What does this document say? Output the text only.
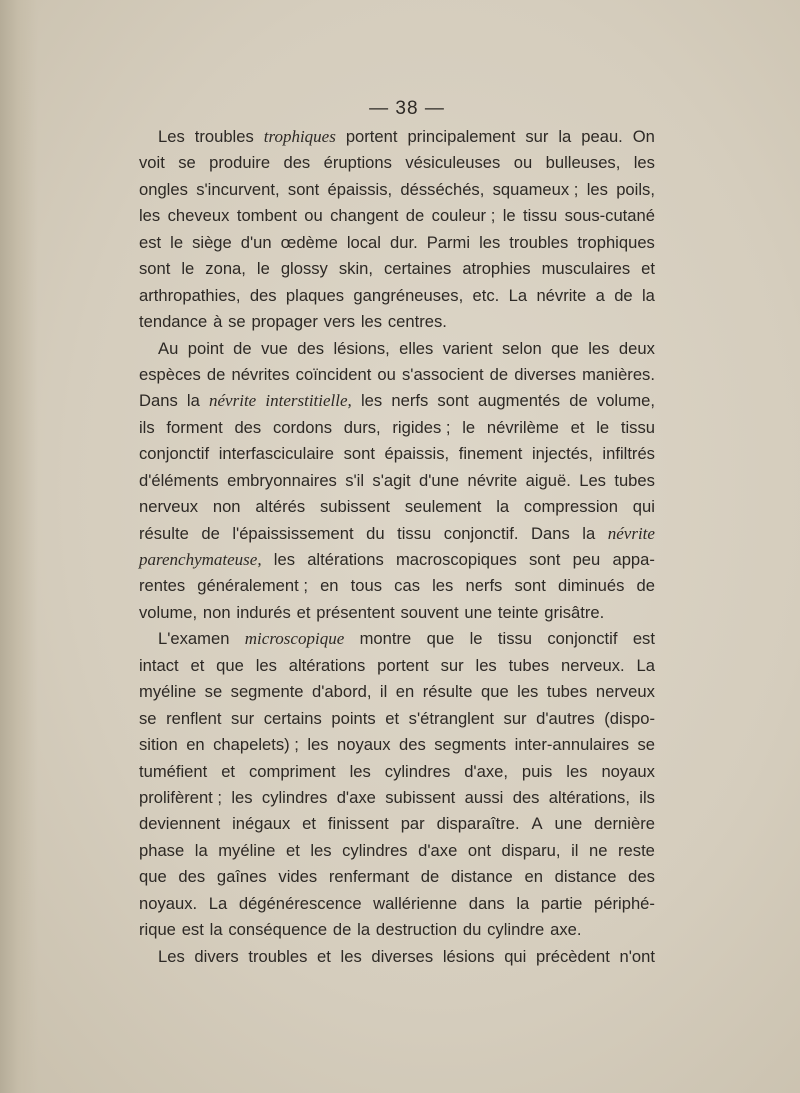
— 38 —
Les troubles trophiques portent principalement sur la peau. On
voit se produire des éruptions vésiculeuses ou bulleuses, les
ongles s'incurvent, sont épaissis, désséchés, squameux ; les poils,
les cheveux tombent ou changent de couleur ; le tissu sous-cutané
est le siège d'un œdème local dur. Parmi les troubles trophiques
sont le zona, le glossy skin, certaines atrophies musculaires et
arthropathies, des plaques gangréneuses, etc. La névrite a de la
tendance à se propager vers les centres.
Au point de vue des lésions, elles varient selon que les deux
espèces de névrites coïncident ou s'associent de diverses manières.
Dans la névrite interstitielle, les nerfs sont augmentés de volume,
ils forment des cordons durs, rigides ; le névrilème et le tissu
conjonctif interfasciculaire sont épaissis, finement injectés, infiltrés
d'éléments embryonnaires s'il s'agit d'une névrite aiguë. Les tubes
nerveux non altérés subissent seulement la compression qui
résulte de l'épaississement du tissu conjonctif. Dans la névrite
parenchymateuse, les altérations macroscopiques sont peu appa-
rentes généralement ; en tous cas les nerfs sont diminués de
volume, non indurés et présentent souvent une teinte grisâtre.
L'examen microscopique montre que le tissu conjonctif est
intact et que les altérations portent sur les tubes nerveux. La
myéline se segmente d'abord, il en résulte que les tubes nerveux
se renflent sur certains points et s'étranglent sur d'autres (dispo-
sition en chapelets) ; les noyaux des segments inter-annulaires se
tuméfient et compriment les cylindres d'axe, puis les noyaux
prolifèrent ; les cylindres d'axe subissent aussi des altérations, ils
deviennent inégaux et finissent par disparaître. A une dernière
phase la myéline et les cylindres d'axe ont disparu, il ne reste
que des gaînes vides renfermant de distance en distance des
noyaux. La dégénérescence wallérienne dans la partie périphé-
rique est la conséquence de la destruction du cylindre axe.
Les divers troubles et les diverses lésions qui précèdent n'ont
